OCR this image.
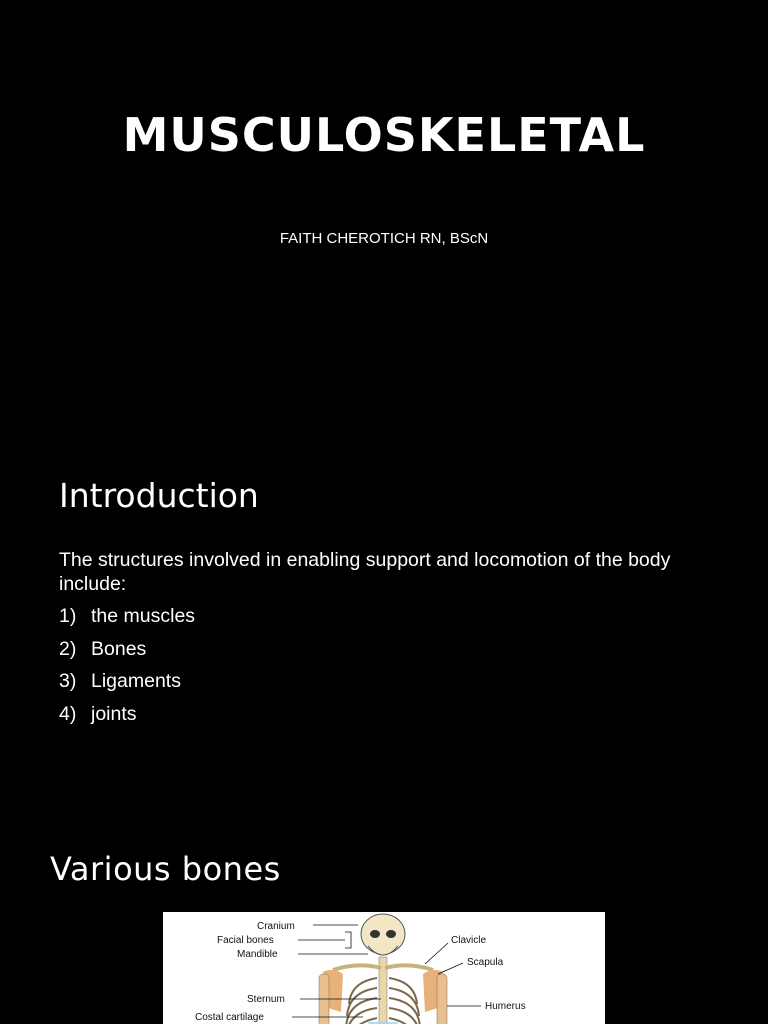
MUSCULOSKELETAL
FAITH CHEROTICH RN, BScN
Introduction
The structures involved in enabling support and locomotion of the body include:
1) the muscles
2) Bones
3) Ligaments
4) joints
Various bones
Cranium
Facial bones
Mandible
Sternum
Costal cartilage
Clavicle
Scapula
Humerus
